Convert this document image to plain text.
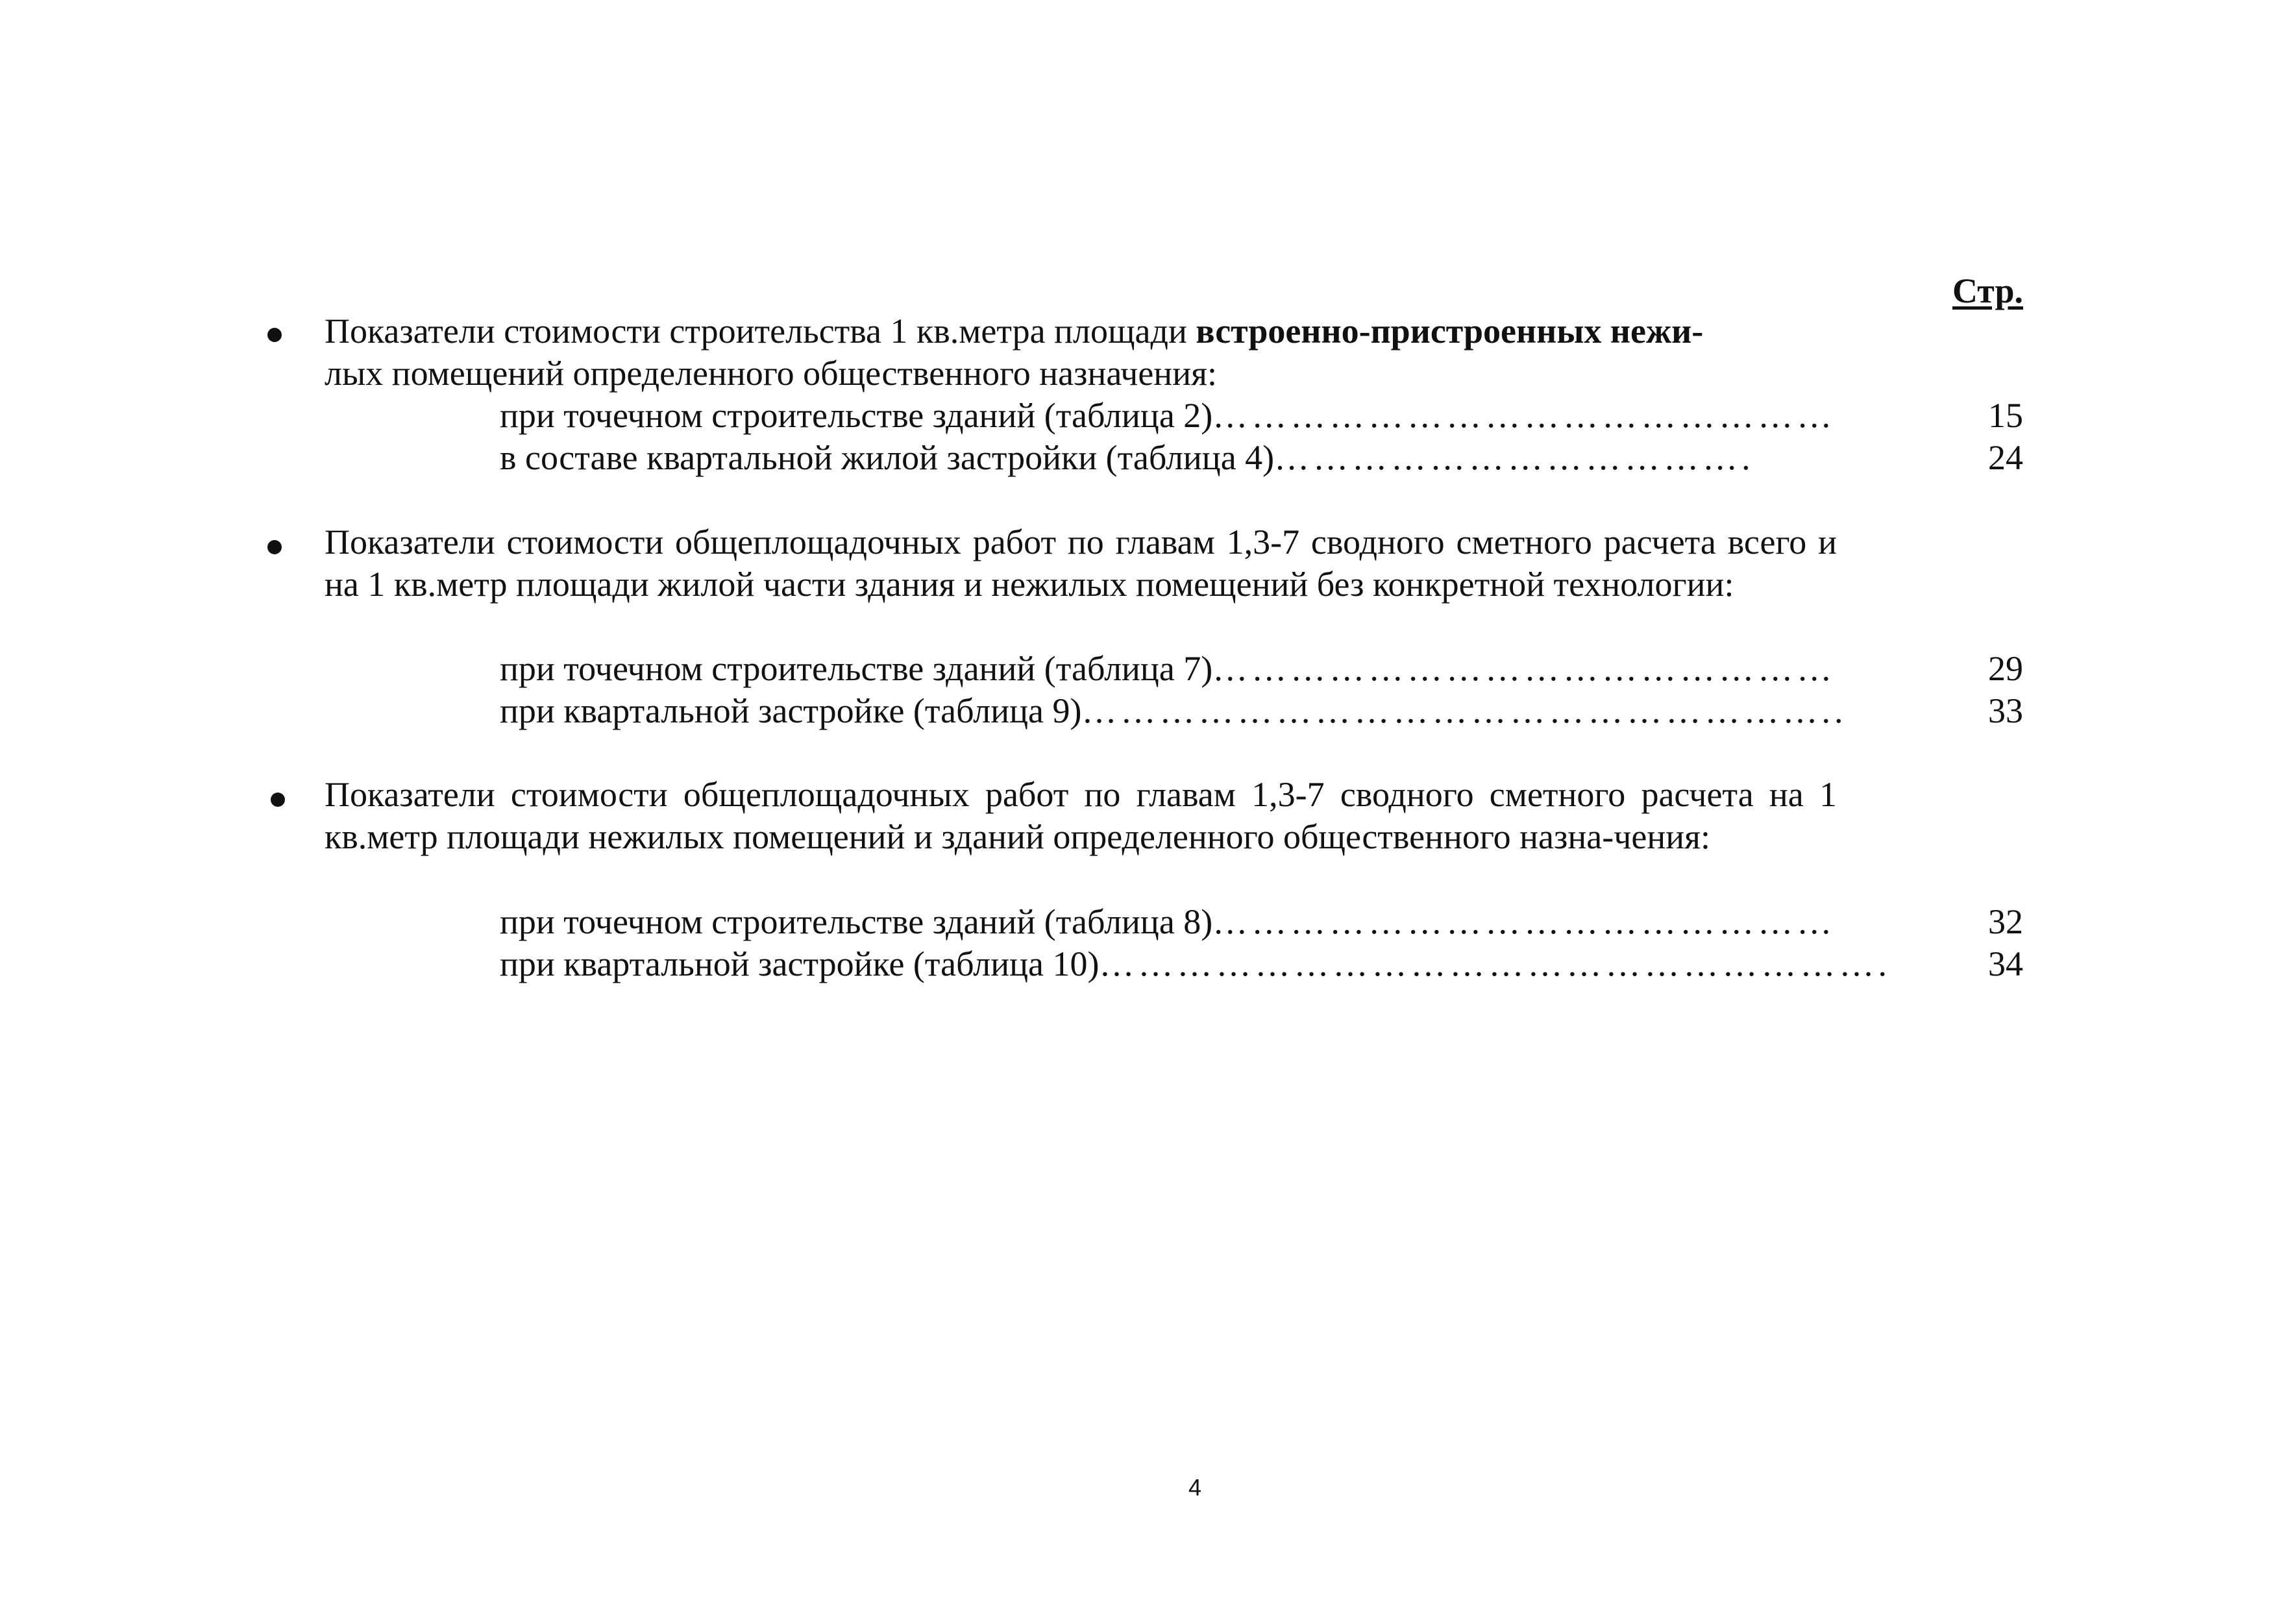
Стр.
Показатели стоимости строительства 1 кв.метра площади встроенно-пристроенных нежи-
лых помещений определенного общественного назначения:
при точечном строительстве зданий (таблица 2)…………………………………………	15
в составе квартальной жилой застройки (таблица 4)……………………………….	24
Показатели стоимости общеплощадочных работ по главам 1,3-7 сводного сметного расчета всего и на 1 кв.метр площади жилой части здания и нежилых помещений без конкретной технологии:
при точечном строительстве зданий (таблица 7)…………………………………………	29
при квартальной застройке (таблица 9)…………………………………………………..	33
Показатели стоимости общеплощадочных работ по главам 1,3-7 сводного сметного расчета на 1 кв.метр площади нежилых помещений и зданий определенного общественного назна-чения:
при точечном строительстве зданий (таблица 8)…………………………………………	32
при квартальной застройке (таблица 10)…………………………………………………….	34
4
